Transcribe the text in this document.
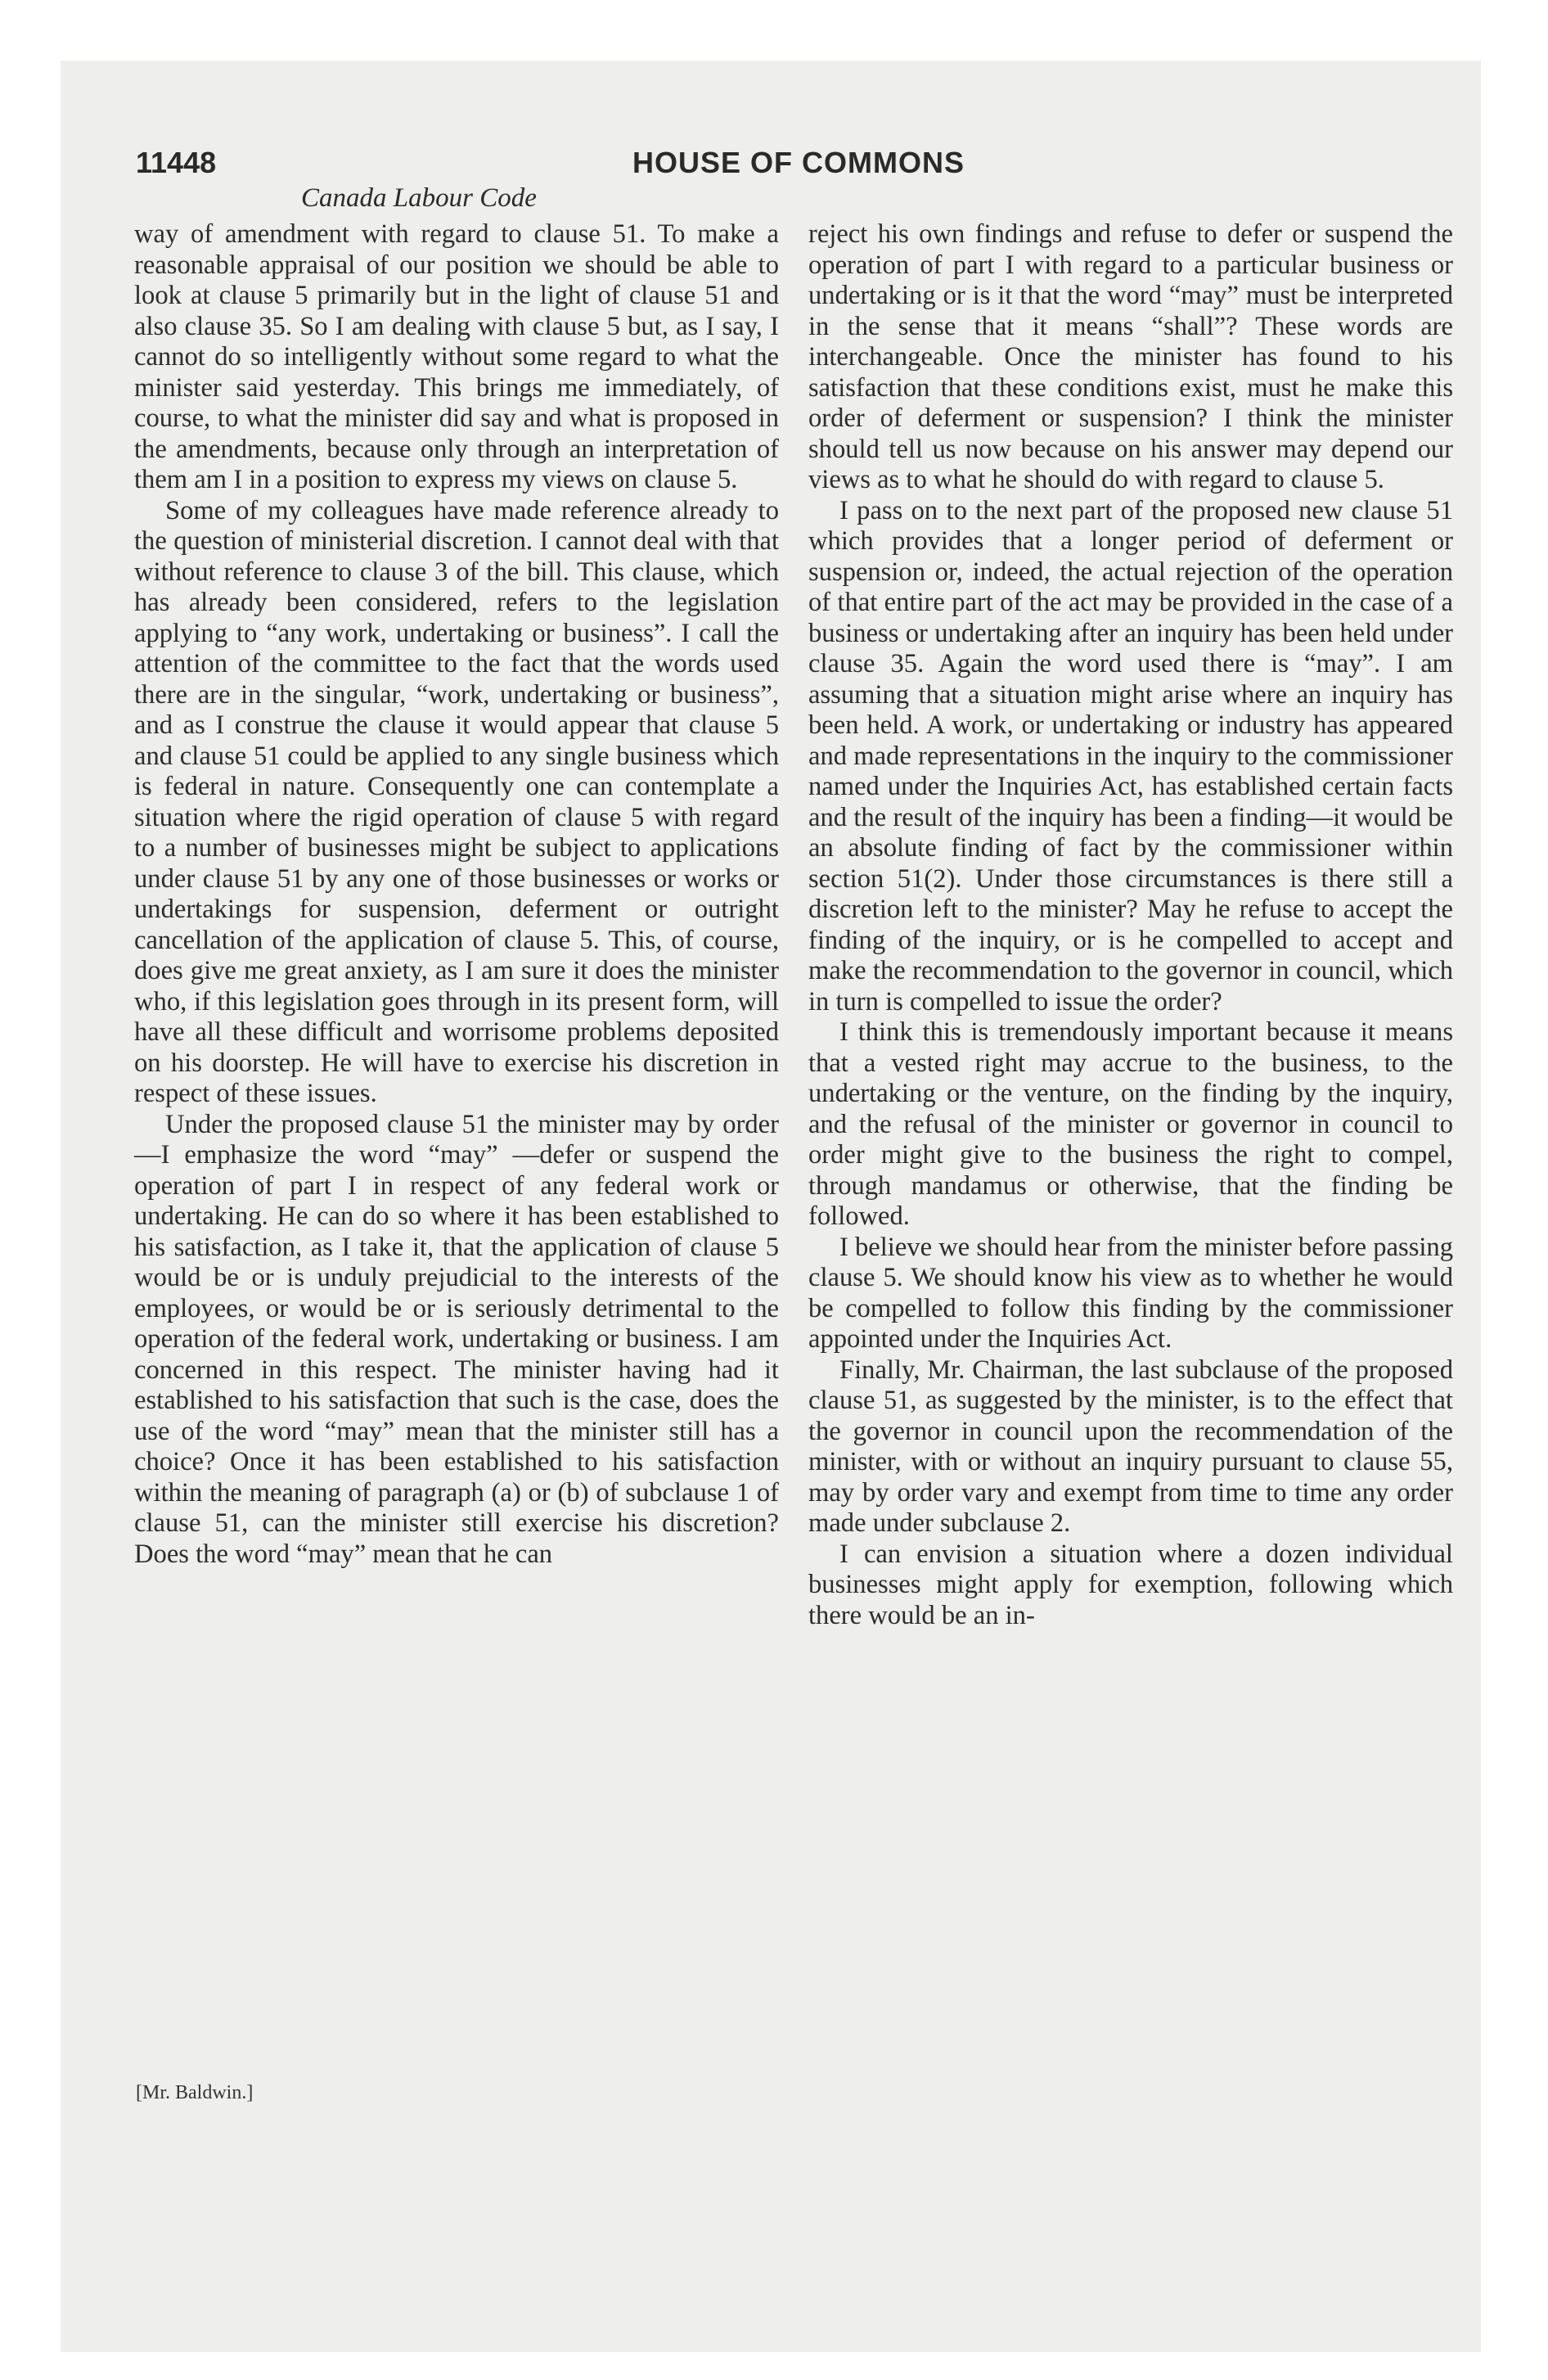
11448	HOUSE OF COMMONS
Canada Labour Code

way of amendment with regard to clause 51. To make a reasonable appraisal of our position we should be able to look at clause 5 primarily but in the light of clause 51 and also clause 35. So I am dealing with clause 5 but, as I say, I cannot do so intelligently without some regard to what the minister said yesterday. This brings me immediately, of course, to what the minister did say and what is proposed in the amendments, because only through an interpretation of them am I in a position to express my views on clause 5.

Some of my colleagues have made reference already to the question of ministerial discretion. I cannot deal with that without reference to clause 3 of the bill. This clause, which has already been considered, refers to the legislation applying to “any work, undertaking or business”. I call the attention of the committee to the fact that the words used there are in the singular, “work, undertaking or business”, and as I construe the clause it would appear that clause 5 and clause 51 could be applied to any single business which is federal in nature. Consequently one can contemplate a situation where the rigid operation of clause 5 with regard to a number of businesses might be subject to applications under clause 51 by any one of those businesses or works or undertakings for suspension, deferment or outright cancellation of the application of clause 5. This, of course, does give me great anxiety, as I am sure it does the minister who, if this legislation goes through in its present form, will have all these difficult and worrisome problems deposited on his doorstep. He will have to exercise his discretion in respect of these issues.

Under the proposed clause 51 the minister may by order—I emphasize the word “may” —defer or suspend the operation of part I in respect of any federal work or undertaking. He can do so where it has been established to his satisfaction, as I take it, that the application of clause 5 would be or is unduly prejudicial to the interests of the employees, or would be or is seriously detrimental to the operation of the federal work, undertaking or business. I am concerned in this respect. The minister having had it established to his satisfaction that such is the case, does the use of the word “may” mean that the minister still has a choice? Once it has been established to his satisfaction within the meaning of paragraph (a) or (b) of subclause 1 of clause 51, can the minister still exercise his discretion? Does the word “may” mean that he can

reject his own findings and refuse to defer or suspend the operation of part I with regard to a particular business or undertaking or is it that the word “may” must be interpreted in the sense that it means “shall”? These words are interchangeable. Once the minister has found to his satisfaction that these conditions exist, must he make this order of deferment or suspension? I think the minister should tell us now because on his answer may depend our views as to what he should do with regard to clause 5.

I pass on to the next part of the proposed new clause 51 which provides that a longer period of deferment or suspension or, indeed, the actual rejection of the operation of that entire part of the act may be provided in the case of a business or undertaking after an inquiry has been held under clause 35. Again the word used there is “may”. I am assuming that a situation might arise where an inquiry has been held. A work, or undertaking or industry has appeared and made representations in the inquiry to the commissioner named under the Inquiries Act, has established certain facts and the result of the inquiry has been a finding—it would be an absolute finding of fact by the commissioner within section 51(2). Under those circumstances is there still a discretion left to the minister? May he refuse to accept the finding of the inquiry, or is he compelled to accept and make the recommendation to the governor in council, which in turn is compelled to issue the order?

I think this is tremendously important because it means that a vested right may accrue to the business, to the undertaking or the venture, on the finding by the inquiry, and the refusal of the minister or governor in council to order might give to the business the right to compel, through mandamus or otherwise, that the finding be followed.

I believe we should hear from the minister before passing clause 5. We should know his view as to whether he would be compelled to follow this finding by the commissioner appointed under the Inquiries Act.

Finally, Mr. Chairman, the last subclause of the proposed clause 51, as suggested by the minister, is to the effect that the governor in council upon the recommendation of the minister, with or without an inquiry pursuant to clause 55, may by order vary and exempt from time to time any order made under subclause 2.

I can envision a situation where a dozen individual businesses might apply for exemption, following which there would be an in-

[Mr. Baldwin.]
